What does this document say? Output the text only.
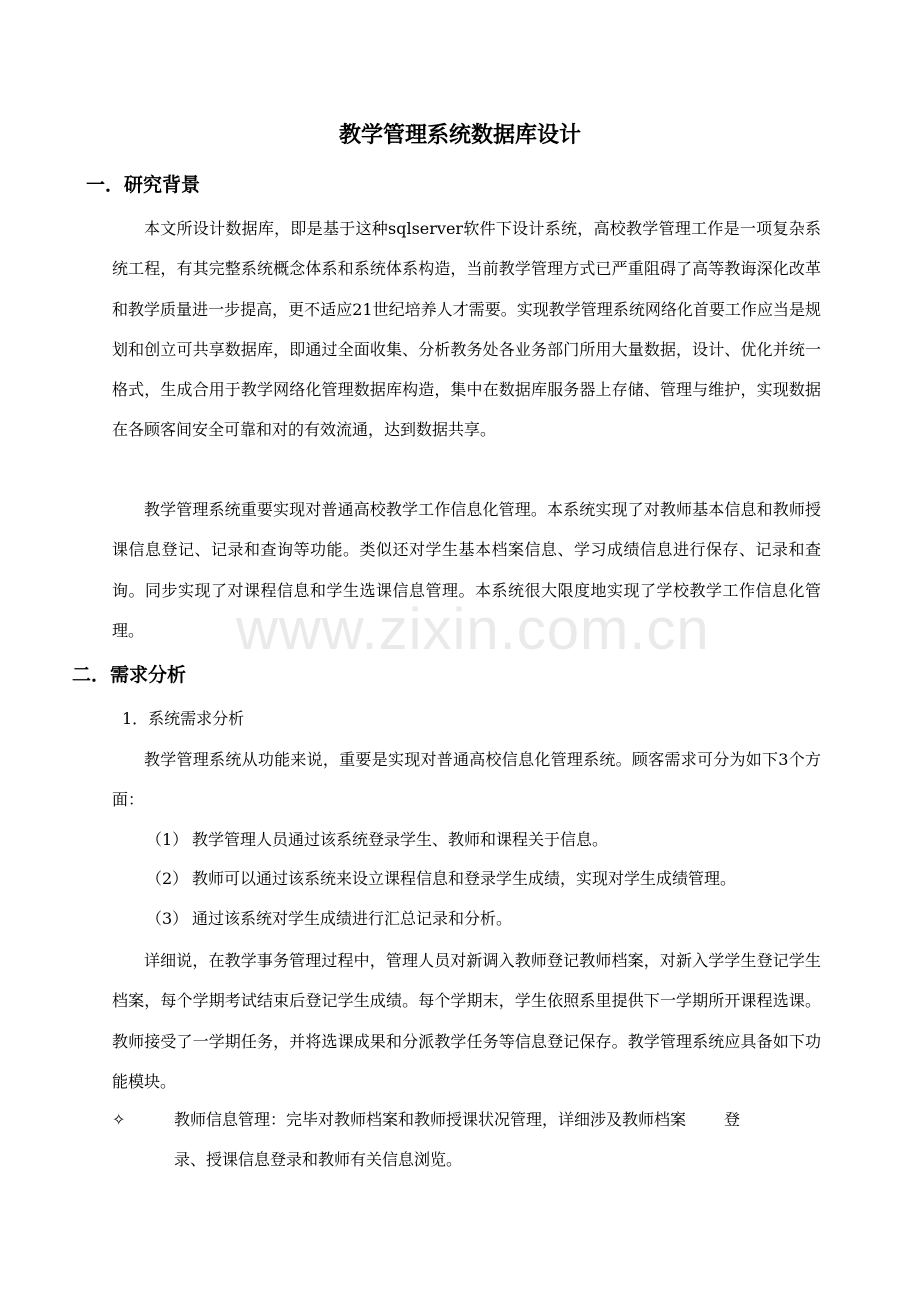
教学管理系统数据库设计
一．研究背景
本文所设计数据库，即是基于这种sqlserver软件下设计系统，高校教学管理工作是一项复杂系统工程，有其完整系统概念体系和系统体系构造，当前教学管理方式已严重阻碍了高等教诲深化改革和教学质量进一步提高，更不适应21世纪培养人才需要。实现教学管理系统网络化首要工作应当是规划和创立可共享数据库，即通过全面收集、分析教务处各业务部门所用大量数据，设计、优化并统一格式，生成合用于教学网络化管理数据库构造，集中在数据库服务器上存储、管理与维护，实现数据在各顾客间安全可靠和对的有效流通，达到数据共享。
教学管理系统重要实现对普通高校教学工作信息化管理。本系统实现了对教师基本信息和教师授课信息登记、记录和查询等功能。类似还对学生基本档案信息、学习成绩信息进行保存、记录和查询。同步实现了对课程信息和学生选课信息管理。本系统很大限度地实现了学校教学工作信息化管理。	www.zixin.com.cn
二．需求分析
1．系统需求分析
教学管理系统从功能来说，重要是实现对普通高校信息化管理系统。顾客需求可分为如下3个方面：
（1） 教学管理人员通过该系统登录学生、教师和课程关于信息。
（2） 教师可以通过该系统来设立课程信息和登录学生成绩，实现对学生成绩管理。
（3） 通过该系统对学生成绩进行汇总记录和分析。
详细说，在教学事务管理过程中，管理人员对新调入教师登记教师档案，对新入学学生登记学生档案，每个学期考试结束后登记学生成绩。每个学期末，学生依照系里提供下一学期所开课程选课。教师接受了一学期任务，并将选课成果和分派教学任务等信息登记保存。教学管理系统应具备如下功能模块。
✧	教师信息管理：完毕对教师档案和教师授课状况管理，详细涉及教师档案 登
录、授课信息登录和教师有关信息浏览。
